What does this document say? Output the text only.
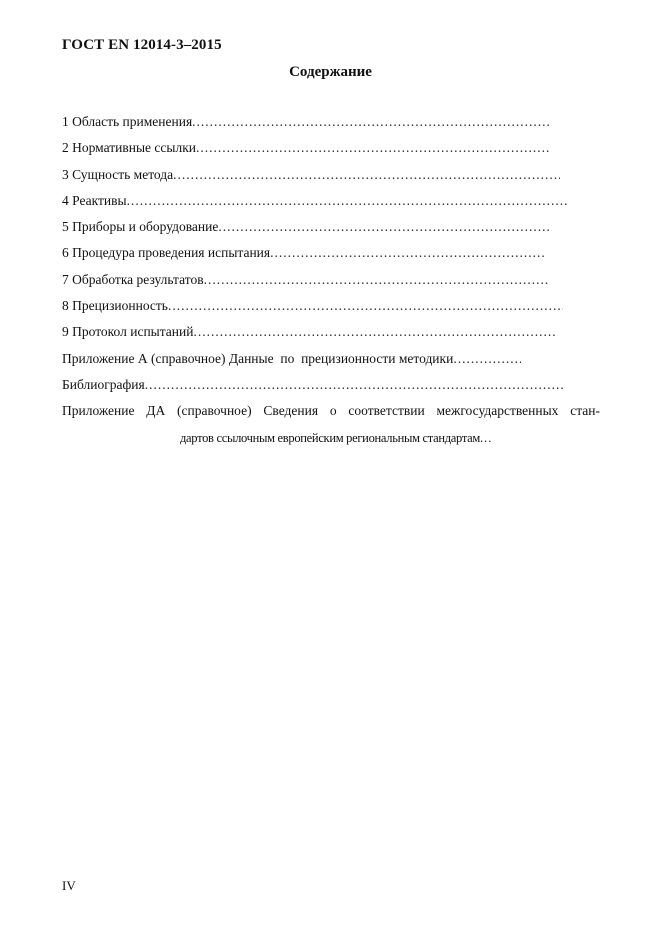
ГОСТ EN 12014-3–2015
Содержание
1 Область применения
.....
2 Нормативные ссылки
.....
3 Сущность метода
.....
4 Реактивы
.....
5 Приборы и оборудование
.....
6 Процедура проведения испытания
.....
7 Обработка результатов
.....
8 Прецизионность
.....
9 Протокол испытаний
.....
Приложение А (справочное) Данные  по  прецизионности методики
.....
Библиография
.....
Приложение ДА (справочное) Сведения о соответствии межгосударственных стан-
дартов ссылочным европейским региональным стандартам
...
IV
